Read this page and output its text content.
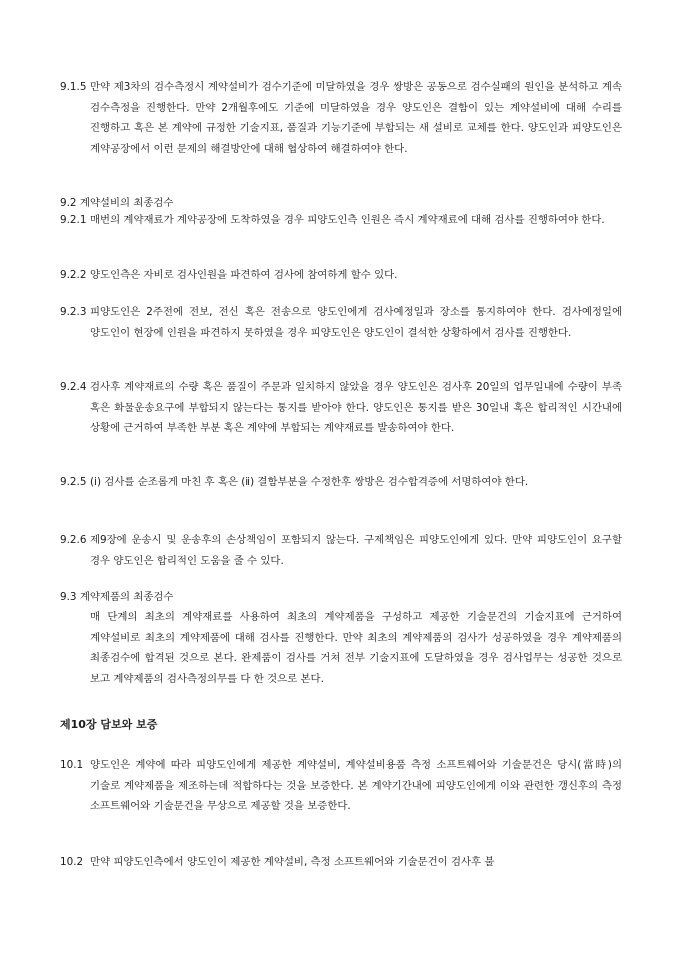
9.1.5 만약 제3차의 검수측정시 계약설비가 검수기준에 미달하였을 경우 쌍방은 공동으로 검수실패의 원인을 분석하고 계속 검수측정을 진행한다. 만약 2개월후에도 기준에 미달하였을 경우 양도인은 결함이 있는 계약설비에 대해 수리를 진행하고 혹은 본 계약에 규정한 기술지표, 품질과 기능기준에 부합되는 새 설비로 교체를 한다. 양도인과 피양도인은 계약공장에서 이런 문제의 해결방안에 대해 협상하여 해결하여야 한다.
9.2 계약설비의 최종검수
9.2.1 매번의 계약재료가 계약공장에 도착하였을 경우 피양도인측 인원은 즉시 계약재료에 대해 검사를 진행하여야 한다.
9.2.2 양도인측은 자비로 검사인원을 파견하여 검사에 참여하게 할수 있다.
9.2.3 피양도인은 2주전에 전보, 전신 혹은 전송으로 양도인에게 검사예정일과 장소를 통지하여야 한다. 검사예정일에 양도인이 현장에 인원을 파견하지 못하였을 경우 피양도인은 양도인이 결석한 상황하에서 검사를 진행한다.
9.2.4 검사후 계약재료의 수량 혹은 품질이 주문과 일치하지 않았을 경우 양도인은 검사후 20일의 업무일내에 수량이 부족 혹은 화물운송요구에 부합되지 않는다는 통지를 받아야 한다. 양도인은 통지를 받은 30일내 혹은 합리적인 시간내에 상황에 근거하여 부족한 부분 혹은 계약에 부합되는 계약재료를 발송하여야 한다.
9.2.5 (ⅰ) 검사를 순조롭게 마친 후 혹은 (ⅱ) 결함부분을 수정한후 쌍방은 검수합격증에 서명하여야 한다.
9.2.6 제9장에 운송시 및 운송후의 손상책임이 포함되지 않는다. 구제책임은 피양도인에게 있다. 만약 피양도인이 요구할 경우 양도인은 합리적인 도움을 줄 수 있다.
9.3 계약제품의 최종검수
매 단계의 최초의 계약재료를 사용하여 최초의 계약제품을 구성하고 제공한 기술문건의 기술지표에 근거하여 계약설비로 최초의 계약제품에 대해 검사를 진행한다. 만약 최초의 계약제품의 검사가 성공하였을 경우 계약제품의 최종검수에 합격된 것으로 본다. 완제품이 검사를 거쳐 전부 기술지표에 도달하였을 경우 검사업무는 성공한 것으로 보고 계약제품의 검사측정의무를 다 한 것으로 본다.
제10장 담보와 보증
10.1 양도인은 계약에 따라 피양도인에게 제공한 계약설비, 계약설비용품 측정 소프트웨어와 기술문건은 당시(當時)의 기술로 계약제품을 제조하는데 적합하다는 것을 보증한다. 본 계약기간내에 피양도인에게 이와 관련한 갱신후의 측정 소프트웨어와 기술문건을 무상으로 제공할 것을 보증한다.
10.2 만약 피양도인측에서 양도인이 제공한 계약설비, 측정 소프트웨어와 기술문건이 검사후 불
